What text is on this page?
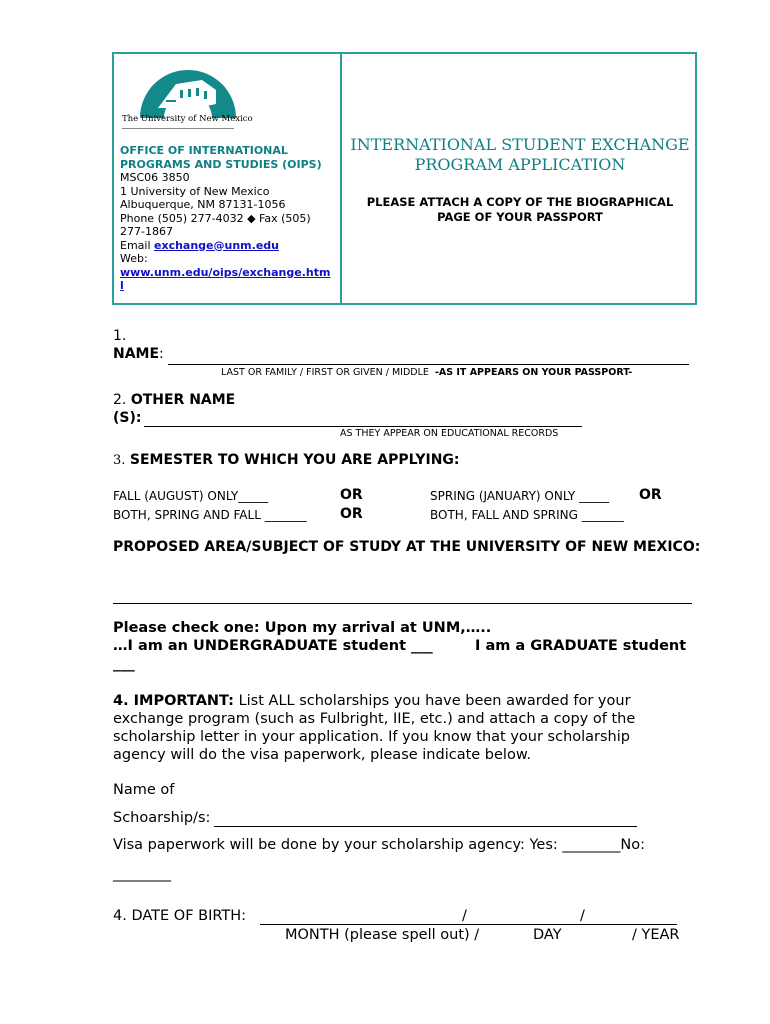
The University of New Mexico
OFFICE OF INTERNATIONAL PROGRAMS AND STUDIES (OIPS)
MSC06 3850
1 University of New Mexico
Albuquerque, NM 87131-1056
Phone (505) 277-4032 ◆ Fax (505) 277-1867
Email exchange@unm.edu
Web:
www.unm.edu/oips/exchange.html
INTERNATIONAL STUDENT EXCHANGE PROGRAM APPLICATION
PLEASE ATTACH A COPY OF THE BIOGRAPHICAL PAGE OF YOUR PASSPORT
1.
NAME:
LAST OR FAMILY / FIRST OR GIVEN / MIDDLE -AS IT APPEARS ON YOUR PASSPORT-
2. OTHER NAME (S):
AS THEY APPEAR ON EDUCATIONAL RECORDS
3. SEMESTER TO WHICH YOU ARE APPLYING:
FALL (AUGUST) ONLY_____	OR	SPRING (JANUARY) ONLY _____ OR
BOTH, SPRING AND FALL _______ OR	BOTH, FALL AND SPRING _______
PROPOSED AREA/SUBJECT OF STUDY AT THE UNIVERSITY OF NEW MEXICO:
Please check one: Upon my arrival at UNM,…..
…I am an UNDERGRADUATE student ___	I am a GRADUATE student
___
4. IMPORTANT: List ALL scholarships you have been awarded for your exchange program (such as Fulbright, IIE, etc.) and attach a copy of the scholarship letter in your application. If you know that your scholarship agency will do the visa paperwork, please indicate below.
Name of
Schoarship/s:
Visa paperwork will be done by your scholarship agency: Yes: ________No:
________
4. DATE OF BIRTH:	/	/
MONTH (please spell out) /	DAY	/ YEAR
